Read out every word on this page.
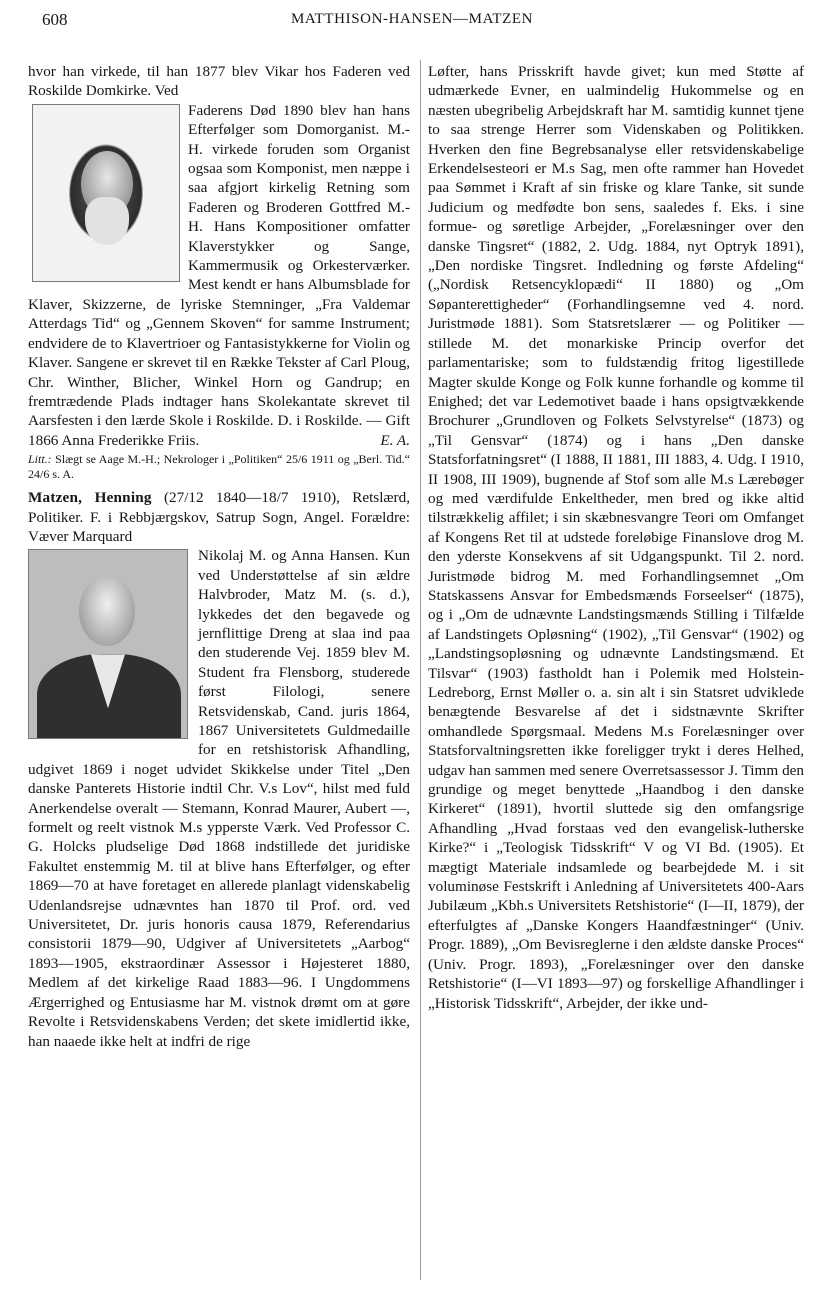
608	MATTHISON-HANSEN—MATZEN

hvor han virkede, til han 1877 blev Vikar hos Faderen ved Roskilde Domkirke. Ved

Faderens Død 1890 blev han hans Efterfølger som Domorganist. M.-H. virkede foruden som Organist ogsaa som Komponist, men næppe i saa afgjort kirkelig Retning som Faderen og Broderen Gottfred M.-H. Hans Kompositioner omfatter Klaverstykker og Sange, Kammermusik og Orkesterværker. Mest kendt er hans Albumsblade for Klaver, Skizzerne, de lyriske Stemninger, „Fra Valdemar Atterdags Tid“ og „Gennem Skoven“ for samme Instrument; endvidere de to Klavertrioer og Fantasistykkerne for Violin og Klaver. Sangene er skrevet til en Række Tekster af Carl Ploug, Chr. Winther, Blicher, Winkel Horn og Gandrup; en fremtrædende Plads indtager hans Skolekantate skrevet til Aarsfesten i den lærde Skole i Roskilde. D. i Roskilde. — Gift 1866 Anna Frederikke Friis.	E. A.

Litt.: Slægt se Aage M.-H.; Nekrologer i „Politiken“ 25/6 1911 og „Berl. Tid.“ 24/6 s. A.

Matzen, Henning (27/12 1840—18/7 1910), Retslærd, Politiker. F. i Rebbjærgskov, Satrup Sogn, Angel. Forældre: Væver Marquard

Nikolaj M. og Anna Hansen. Kun ved Understøttelse af sin ældre Halvbroder, Matz M. (s. d.), lykkedes det den begavede og jernflittige Dreng at slaa ind paa den studerende Vej. 1859 blev M. Student fra Flensborg, studerede først Filologi, senere Retsvidenskab, Cand. juris 1864, 1867 Universitetets Guldmedaille for en retshistorisk Afhandling, udgivet 1869 i noget udvidet Skikkelse under Titel „Den danske Panterets Historie indtil Chr. V.s Lov“, hilst med fuld Anerkendelse overalt — Stemann, Konrad Maurer, Aubert —, formelt og reelt vistnok M.s ypperste Værk. Ved Professor C. G. Holcks pludselige Død 1868 indstillede det juridiske Fakultet enstemmig M. til at blive hans Efterfølger, og efter 1869—70 at have foretaget en allerede planlagt videnskabelig Udenlandsrejse udnævntes han 1870 til Prof. ord. ved Universitetet, Dr. juris honoris causa 1879, Referendarius consistorii 1879—90, Udgiver af Universitetets „Aarbog“ 1893—1905, ekstraordinær Assessor i Højesteret 1880, Medlem af det kirkelige Raad 1883—96. I Ungdommens Ærgerrighed og Entusiasme har M. vistnok drømt om at gøre Revolte i Retsvidenskabens Verden; det skete imidlertid ikke, han naaede ikke helt at indfri de rige

Løfter, hans Prisskrift havde givet; kun med Støtte af udmærkede Evner, en ualmindelig Hukommelse og en næsten ubegribelig Arbejdskraft har M. samtidig kunnet tjene to saa strenge Herrer som Videnskaben og Politikken. Hverken den fine Begrebsanalyse eller retsvidenskabelige Erkendelsesteori er M.s Sag, men ofte rammer han Hovedet paa Sømmet i Kraft af sin friske og klare Tanke, sit sunde Judicium og medfødte bon sens, saaledes f. Eks. i sine formue- og søretlige Arbejder, „Forelæsninger over den danske Tingsret“ (1882, 2. Udg. 1884, nyt Optryk 1891), „Den nordiske Tingsret. Indledning og første Afdeling“ („Nordisk Retsencyklopædi“ II 1880) og „Om Søpanterettigheder“ (Forhandlingsemne ved 4. nord. Juristmøde 1881). Som Statsretslærer — og Politiker — stillede M. det monarkiske Princip overfor det parlamentariske; som to fuldstændig fritog ligestillede Magter skulde Konge og Folk kunne forhandle og komme til Enighed; det var Ledemotivet baade i hans opsigtvækkende Brochurer „Grundloven og Folkets Selvstyrelse“ (1873) og „Til Gensvar“ (1874) og i hans „Den danske Statsforfatningsret“ (I 1888, II 1881, III 1883, 4. Udg. I 1910, II 1908, III 1909), bugnende af Stof som alle M.s Lærebøger og med værdifulde Enkeltheder, men bred og ikke altid tilstrækkelig affilet; i sin skæbnesvangre Teori om Omfanget af Kongens Ret til at udstede foreløbige Finanslove drog M. den yderste Konsekvens af sit Udgangspunkt. Til 2. nord. Juristmøde bidrog M. med Forhandlingsemnet „Om Statskassens Ansvar for Embedsmænds Forseelser“ (1875), og i „Om de udnævnte Landstingsmænds Stilling i Tilfælde af Landstingets Opløsning“ (1902), „Til Gensvar“ (1902) og „Landstingsopløsning og udnævnte Landstingsmænd. Et Tilsvar“ (1903) fastholdt han i Polemik med Holstein-Ledreborg, Ernst Møller o. a. sin alt i sin Statsret udviklede benægtende Besvarelse af det i sidstnævnte Skrifter omhandlede Spørgsmaal. Medens M.s Forelæsninger over Statsforvaltningsretten ikke foreligger trykt i deres Helhed, udgav han sammen med senere Overretsassessor J. Timm den grundige og meget benyttede „Haandbog i den danske Kirkeret“ (1891), hvortil sluttede sig den omfangsrige Afhandling „Hvad forstaas ved den evangelisk-lutherske Kirke?“ i „Teologisk Tidsskrift“ V og VI Bd. (1905). Et mægtigt Materiale indsamlede og bearbejdede M. i sit voluminøse Festskrift i Anledning af Universitetets 400-Aars Jubilæum „Kbh.s Universitets Retshistorie“ (I—II, 1879), der efterfulgtes af „Danske Kongers Haandfæstninger“ (Univ. Progr. 1889), „Om Bevisreglerne i den ældste danske Proces“ (Univ. Progr. 1893), „Forelæsninger over den danske Retshistorie“ (I—VI 1893—97) og forskellige Afhandlinger i „Historisk Tidsskrift“, Arbejder, der ikke und-
